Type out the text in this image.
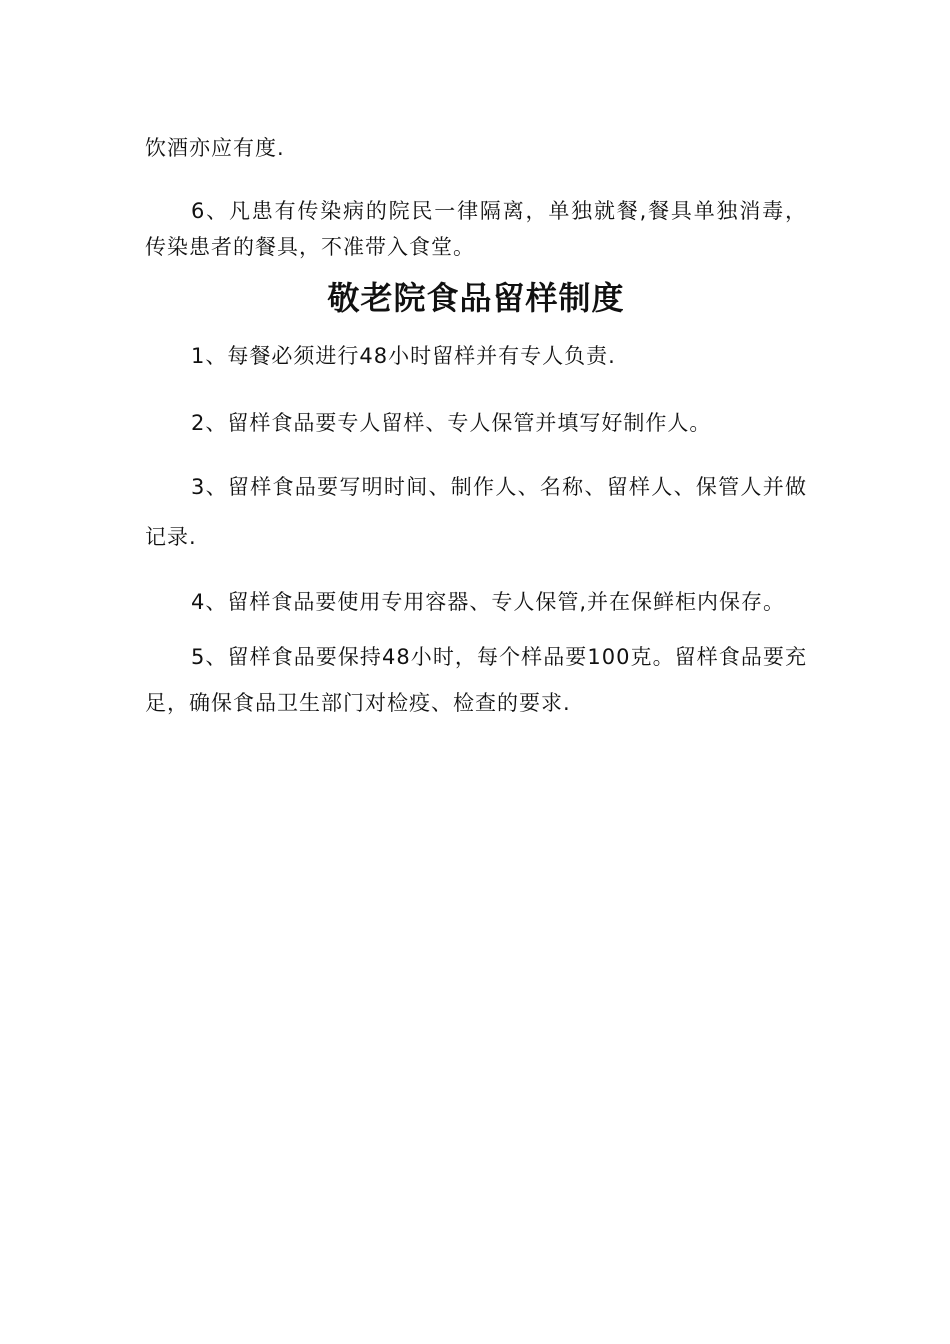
饮酒亦应有度.

6、凡患有传染病的院民一律隔离，单独就餐,餐具单独消毒，传染患者的餐具，不准带入食堂。

敬老院食品留样制度

1、每餐必须进行48小时留样并有专人负责.

2、留样食品要专人留样、专人保管并填写好制作人。

3、留样食品要写明时间、制作人、名称、留样人、保管人并做记录.

4、留样食品要使用专用容器、专人保管,并在保鲜柜内保存。

5、留样食品要保持48小时，每个样品要100克。留样食品要充足，确保食品卫生部门对检疫、检查的要求.
